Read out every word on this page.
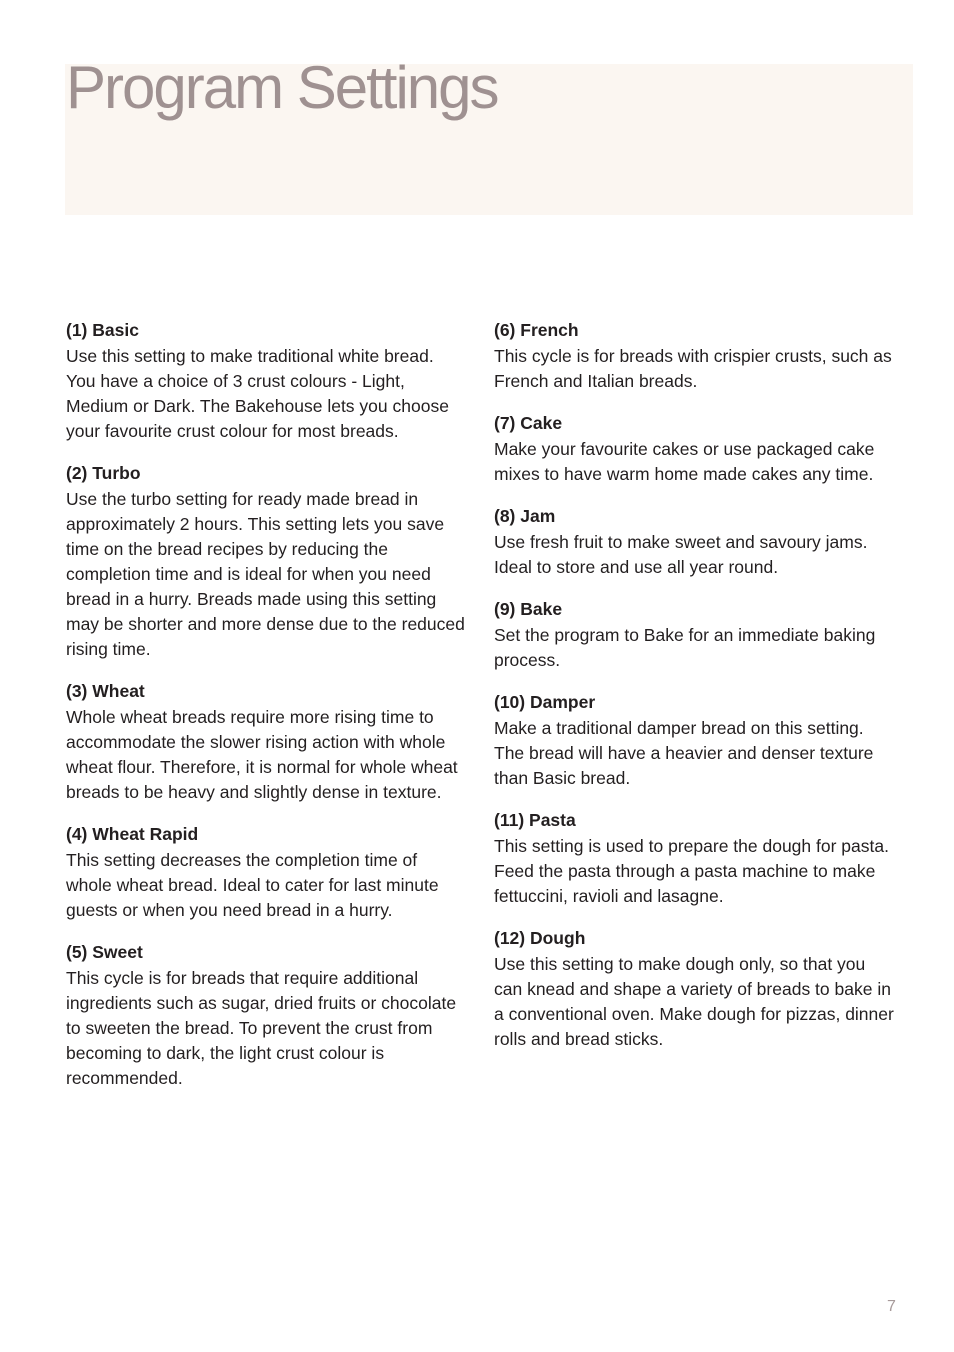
Program Settings
(1) Basic
Use this setting to make traditional white bread. You have a choice of 3 crust colours - Light, Medium or Dark. The Bakehouse lets you choose your favourite crust colour for most breads.
(2) Turbo
Use the turbo setting for ready made bread in approximately 2 hours. This setting lets you save time on the bread recipes by reducing the completion time and is ideal for when you need bread in a hurry. Breads made using this setting may be shorter and more dense due to the reduced rising time.
(3) Wheat
Whole wheat breads require more rising time to accommodate the slower rising action with whole wheat flour. Therefore, it is normal for whole wheat breads to be heavy and slightly dense in texture.
(4) Wheat Rapid
This setting decreases the completion time of whole wheat bread. Ideal to cater for last minute guests or when you need bread in a hurry.
(5) Sweet
This cycle is for breads that require additional ingredients such as sugar, dried fruits or chocolate to sweeten the bread. To prevent the crust from becoming to dark, the light crust colour is recommended.
(6) French
This cycle is for breads with crispier crusts, such as French and Italian breads.
(7) Cake
Make your favourite cakes or use packaged cake mixes to have warm home made cakes any time.
(8) Jam
Use fresh fruit to make sweet and savoury jams. Ideal to store and use all year round.
(9) Bake
Set the program to Bake for an immediate baking process.
(10) Damper
Make a traditional damper bread on this setting. The bread will have a heavier and denser texture than Basic bread.
(11) Pasta
This setting is used to prepare the dough for pasta. Feed the pasta through a pasta machine to make fettuccini, ravioli and lasagne.
(12) Dough
Use this setting to make dough only, so that you can knead and shape a variety of breads to bake in a conventional oven. Make dough for pizzas, dinner rolls and bread sticks.
7
